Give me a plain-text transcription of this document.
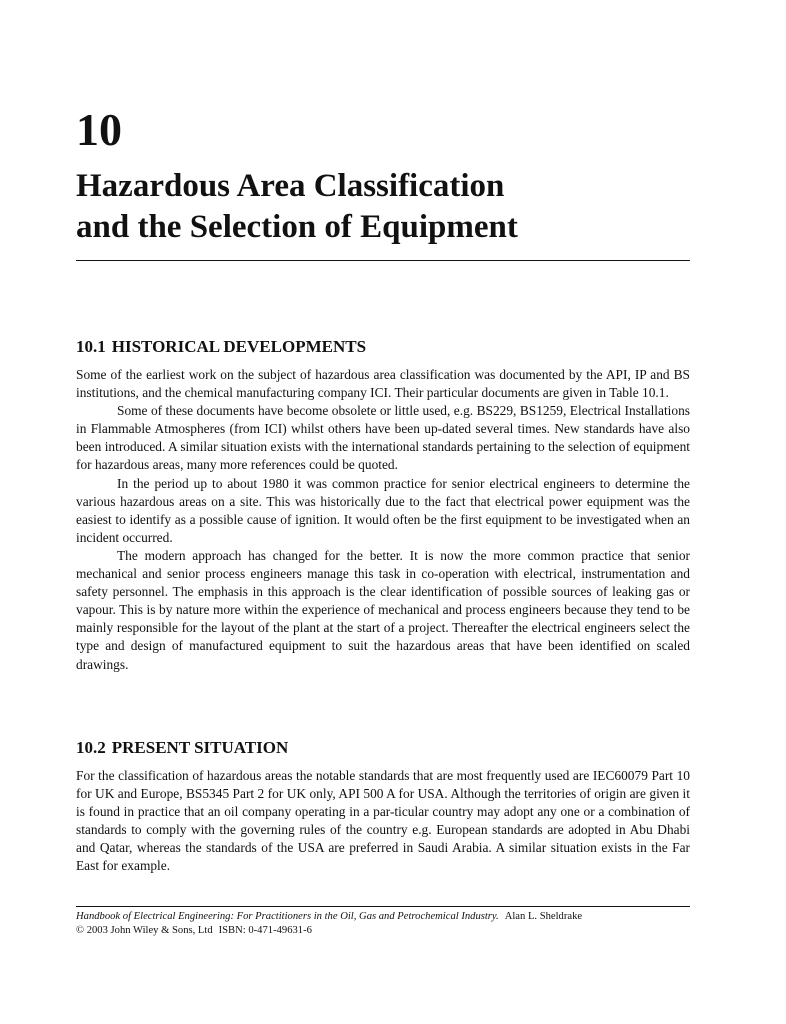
10
Hazardous Area Classification
and the Selection of Equipment
10.1 HISTORICAL DEVELOPMENTS

Some of the earliest work on the subject of hazardous area classification was documented by the API, IP and BS institutions, and the chemical manufacturing company ICI. Their particular documents are given in Table 10.1.

Some of these documents have become obsolete or little used, e.g. BS229, BS1259, Electrical Installations in Flammable Atmospheres (from ICI) whilst others have been up-dated several times. New standards have also been introduced. A similar situation exists with the international standards pertaining to the selection of equipment for hazardous areas, many more references could be quoted.

In the period up to about 1980 it was common practice for senior electrical engineers to determine the various hazardous areas on a site. This was historically due to the fact that electrical power equipment was the easiest to identify as a possible cause of ignition. It would often be the first equipment to be investigated when an incident occurred.

The modern approach has changed for the better. It is now the more common practice that senior mechanical and senior process engineers manage this task in co-operation with electrical, instrumentation and safety personnel. The emphasis in this approach is the clear identification of possible sources of leaking gas or vapour. This is by nature more within the experience of mechanical and process engineers because they tend to be mainly responsible for the layout of the plant at the start of a project. Thereafter the electrical engineers select the type and design of manufactured equipment to suit the hazardous areas that have been identified on scaled drawings.

10.2 PRESENT SITUATION

For the classification of hazardous areas the notable standards that are most frequently used are IEC60079 Part 10 for UK and Europe, BS5345 Part 2 for UK only, API 500 A for USA. Although the territories of origin are given it is found in practice that an oil company operating in a par-ticular country may adopt any one or a combination of standards to comply with the governing rules of the country e.g. European standards are adopted in Abu Dhabi and Qatar, whereas the standards of the USA are preferred in Saudi Arabia. A similar situation exists in the Far East for example.

Handbook of Electrical Engineering: For Practitioners in the Oil, Gas and Petrochemical Industry. Alan L. Sheldrake
© 2003 John Wiley & Sons, Ltd ISBN: 0-471-49631-6
